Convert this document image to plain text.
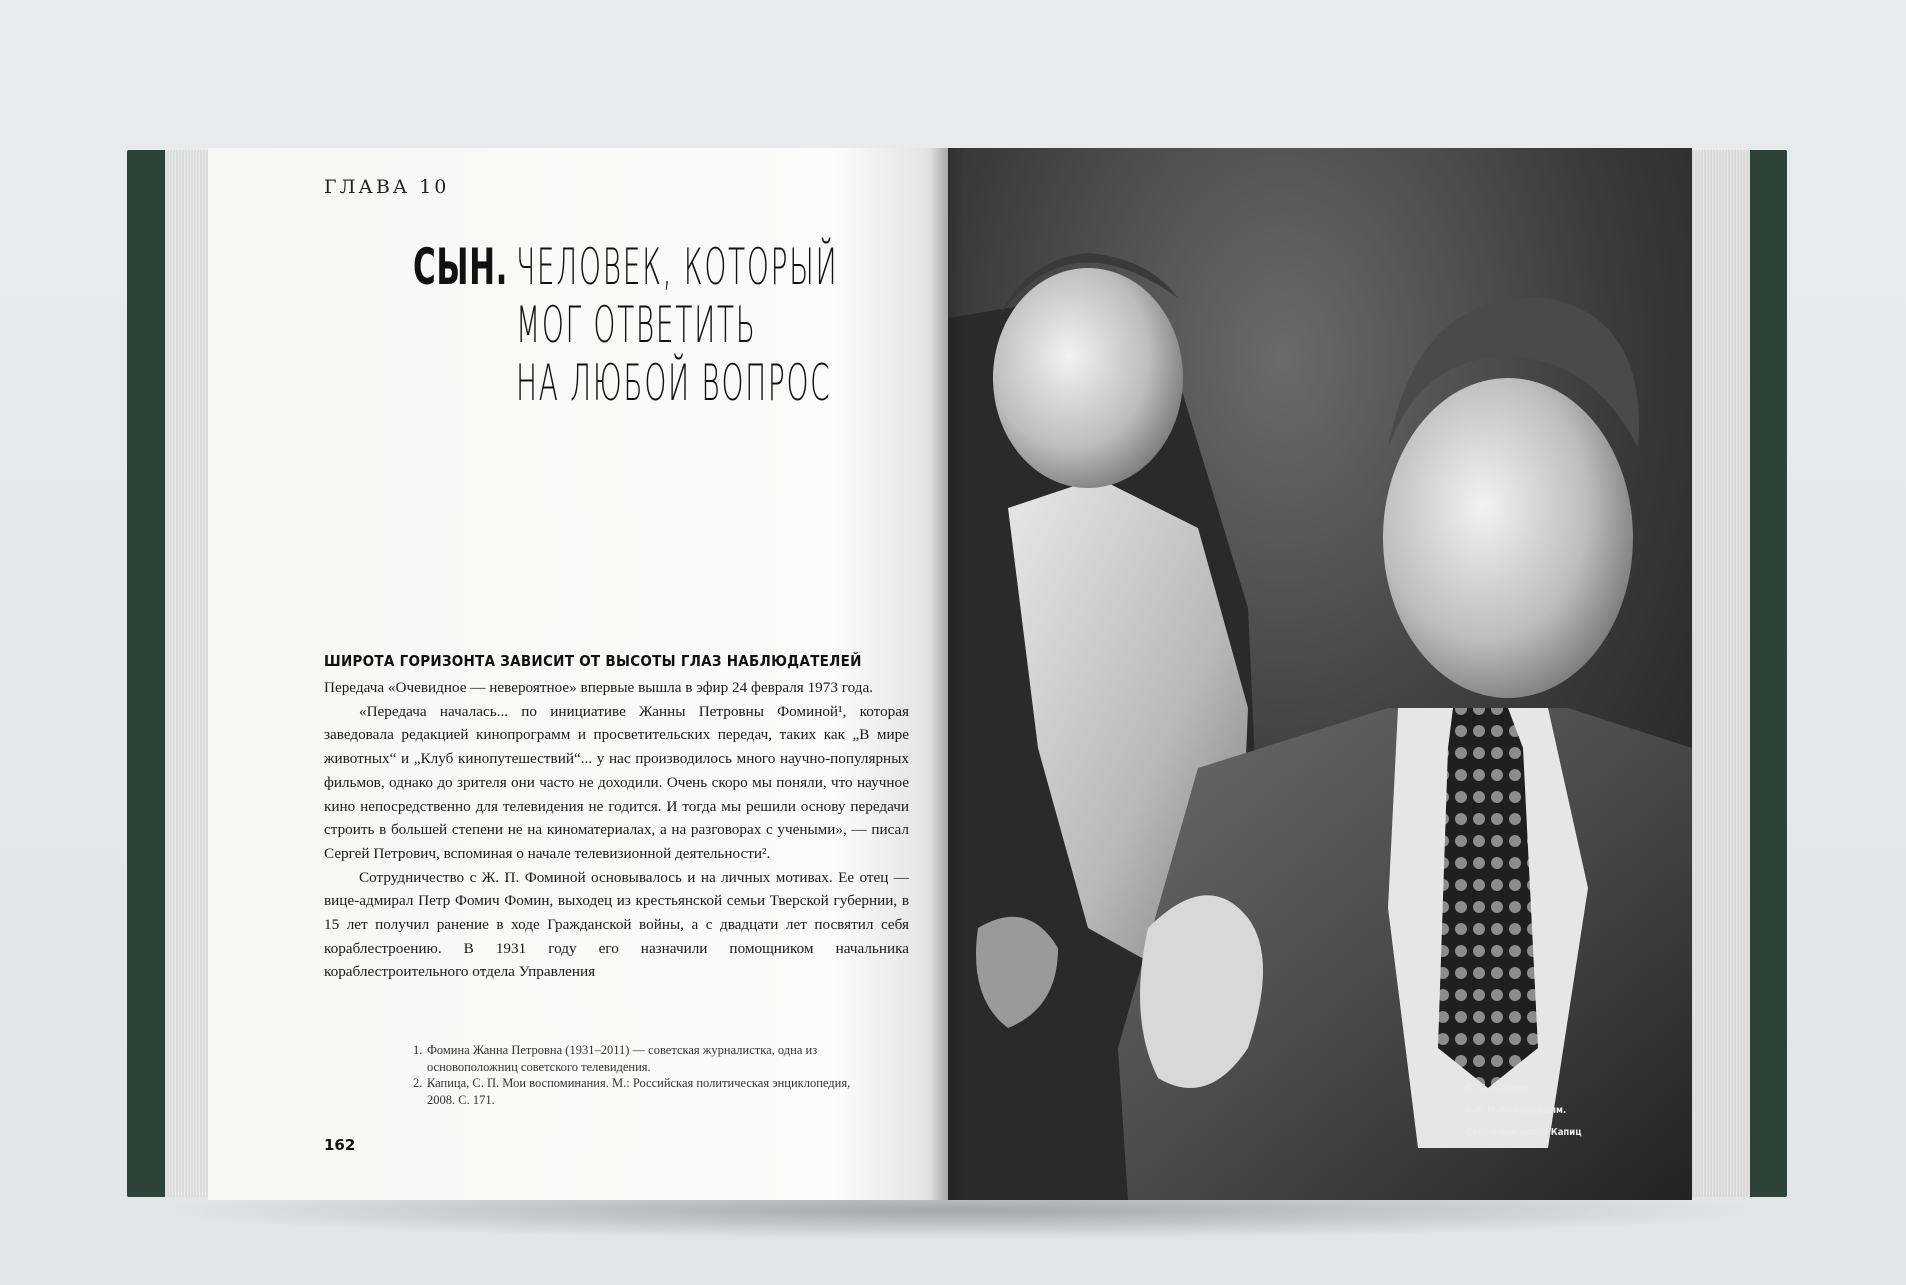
ГЛАВА 10
СЫН. ЧЕЛОВЕК, КОТОРЫЙ
МОГ ОТВЕТИТЬ
НА ЛЮБОЙ ВОПРОС
ШИРОТА ГОРИЗОНТА ЗАВИСИТ ОТ ВЫСОТЫ ГЛАЗ НАБЛЮДАТЕЛЕЙ

Передача «Очевидное — невероятное» впервые вышла в эфир 24 февраля 1973 года.

«Передача началась... по инициативе Жанны Петровны Фоминой¹, которая заведовала редакцией кинопрограмм и просветительских передач, таких как „В мире животных“ и „Клуб кинопутешествий“... у нас производилось много научно-популярных фильмов, однако до зрителя они часто не доходили. Очень скоро мы поняли, что научное кино непосредственно для телевидения не годится. И тогда мы решили основу передачи строить в большей степени не на киноматериалах, а на разговорах с учеными», — писал Сергей Петрович, вспоминая о начале телевизионной деятельности².

Сотрудничество с Ж. П. Фоминой основывалось и на личных мотивах. Ее отец — вице-адмирал Петр Фомич Фомин, выходец из крестьянской семьи Тверской губернии, в 15 лет получил ранение в ходе Гражданской войны, а с двадцати лет посвятил себя кораблестроению. В 1931 году его назначили помощником начальника кораблестроительного отдела Управления

1. Фомина Жанна Петровна (1931–2011) — советская журналистка, одна из основоположниц советского телевидения.
2. Капица, С. П. Мои воспоминания. М.: Российская политическая энциклопедия, 2008. С. 171.
162
С. П. Капица
с Л. Н. Николаевым.
Семейный архив Капиц
